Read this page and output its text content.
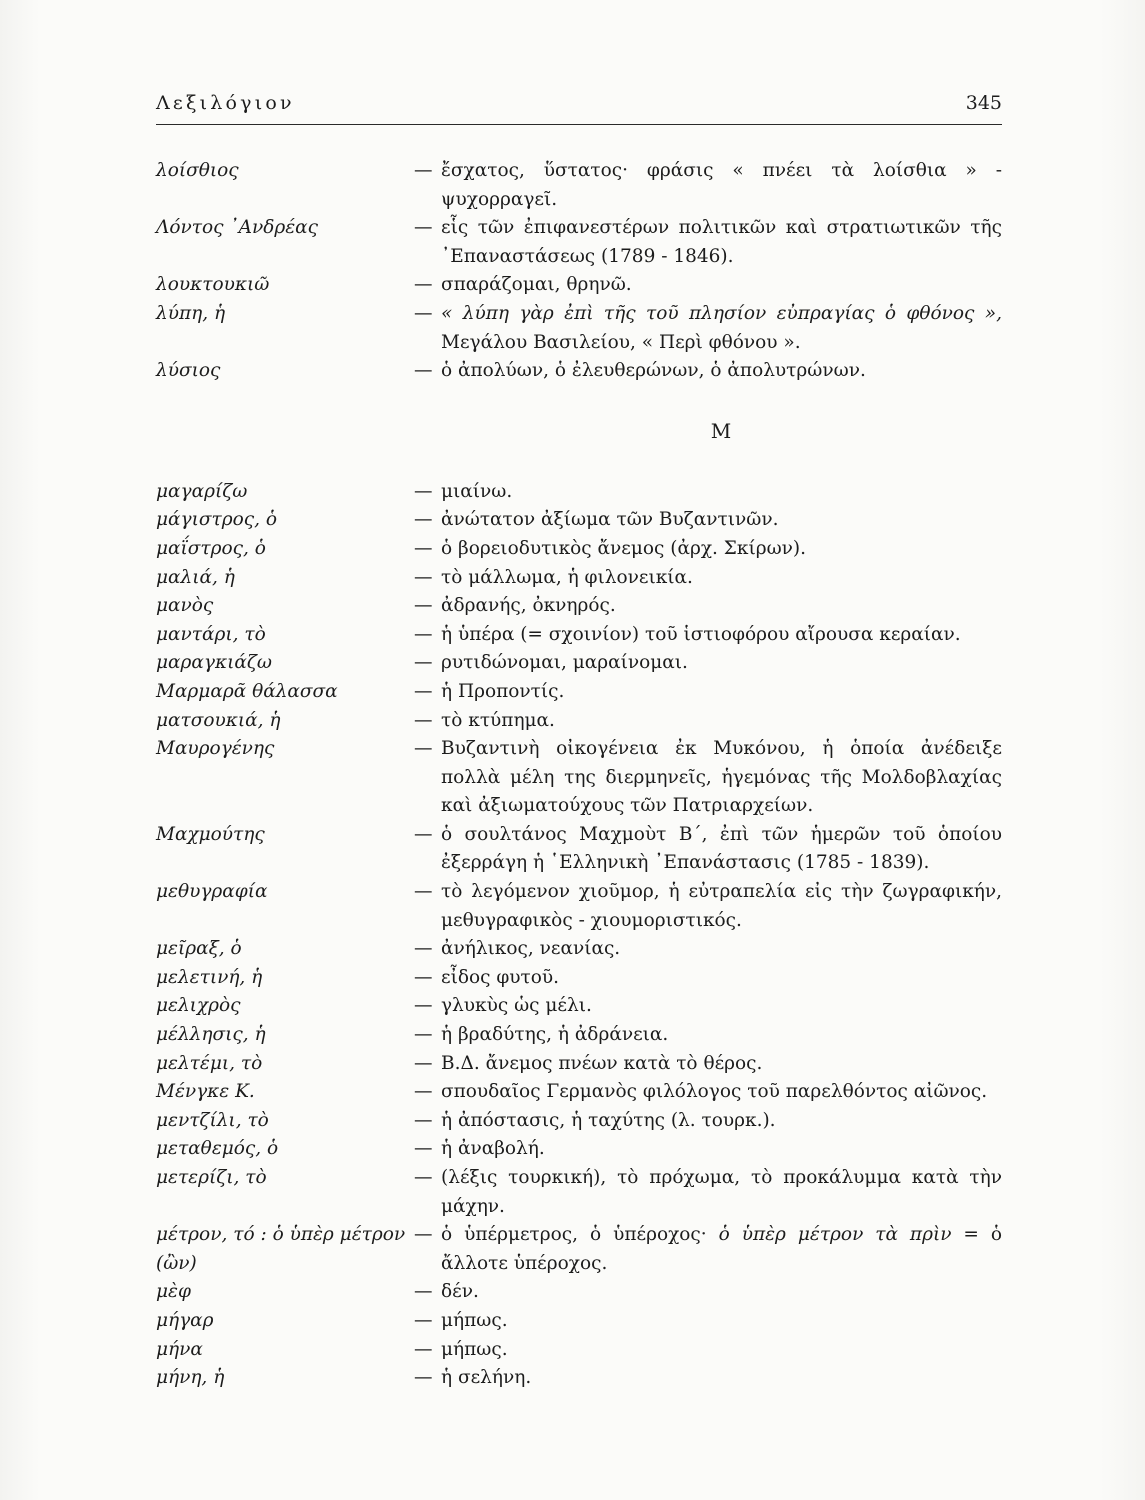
Λεξιλόγιον	345
λοίσθιος	— ἔσχατος, ὕστατος· φράσις « πνέει τὰ λοίσθια » - ψυχορραγεῖ.
Λόντος ᾿Ανδρέας	— εἷς τῶν ἐπιφανεστέρων πολιτικῶν καὶ στρατιωτικῶν τῆς ᾿Επαναστάσεως (1789 - 1846).
λουκτουκιῶ	— σπαράζομαι, θρηνῶ.
λύπη, ἡ	— « λύπη γὰρ ἐπὶ τῆς τοῦ πλησίον εὐπραγίας ὁ φθόνος », Μεγάλου Βασιλείου, « Περὶ φθόνου ».
λύσιος	— ὁ ἀπολύων, ὁ ἐλευθερώνων, ὁ ἀπολυτρώνων.
Μ
μαγαρίζω	— μιαίνω.
μάγιστρος, ὁ	— ἀνώτατον ἀξίωμα τῶν Βυζαντινῶν.
μαΐστρος, ὁ	— ὁ βορειοδυτικὸς ἄνεμος (ἀρχ. Σκίρων).
μαλιά, ἡ	— τὸ μάλλωμα, ἡ φιλονεικία.
μανὸς	— ἀδρανής, ὀκνηρός.
μαντάρι, τὸ	— ἡ ὑπέρα (= σχοινίον) τοῦ ἱστιοφόρου αἴρουσα κεραίαν.
μαραγκιάζω	— ρυτιδώνομαι, μαραίνομαι.
Μαρμαρᾶ θάλασσα	— ἡ Προποντίς.
ματσουκιά, ἡ	— τὸ κτύπημα.
Μαυρογένης	— Βυζαντινὴ οἰκογένεια ἐκ Μυκόνου, ἡ ὁποία ἀνέδειξε πολλὰ μέλη της διερμηνεῖς, ἡγεμόνας τῆς Μολδοβλαχίας καὶ ἀξιωματούχους τῶν Πατριαρχείων.
Μαχμούτης	— ὁ σουλτάνος Μαχμοὺτ Β΄, ἐπὶ τῶν ἡμερῶν τοῦ ὁποίου ἐξερράγη ἡ ῾Ελληνικὴ ᾿Επανάστασις (1785 - 1839).
μεθυγραφία	— τὸ λεγόμενον χιοῦμορ, ἡ εὐτραπελία εἰς τὴν ζωγραφικήν, μεθυγραφικὸς - χιουμοριστικός.
μεῖραξ, ὁ	— ἀνήλικος, νεανίας.
μελετινή, ἡ	— εἶδος φυτοῦ.
μελιχρὸς	— γλυκὺς ὡς μέλι.
μέλλησις, ἡ	— ἡ βραδύτης, ἡ ἀδράνεια.
μελτέμι, τὸ	— Β.Δ. ἄνεμος πνέων κατὰ τὸ θέρος.
Μένγκε Κ.	— σπουδαῖος Γερμανὸς φιλόλογος τοῦ παρελθόντος αἰῶνος.
μεντζίλι, τὸ	— ἡ ἀπόστασις, ἡ ταχύτης (λ. τουρκ.).
μεταθεμός, ὁ	— ἡ ἀναβολή.
μετερίζι, τὸ	— (λέξις τουρκική), τὸ πρόχωμα, τὸ προκάλυμμα κατὰ τὴν μάχην.
μέτρον, τό : ὁ ὑπὲρ μέτρον (ὢν)
— ὁ ὑπέρμετρος, ὁ ὑπέροχος· ὁ ὑπὲρ μέτρον τὰ πρὶν = ὁ ἄλλοτε ὑπέροχος.
μὲφ	— δέν.
μήγαρ	— μήπως.
μήνα	— μήπως.
μήνη, ἡ	— ἡ σελήνη.
